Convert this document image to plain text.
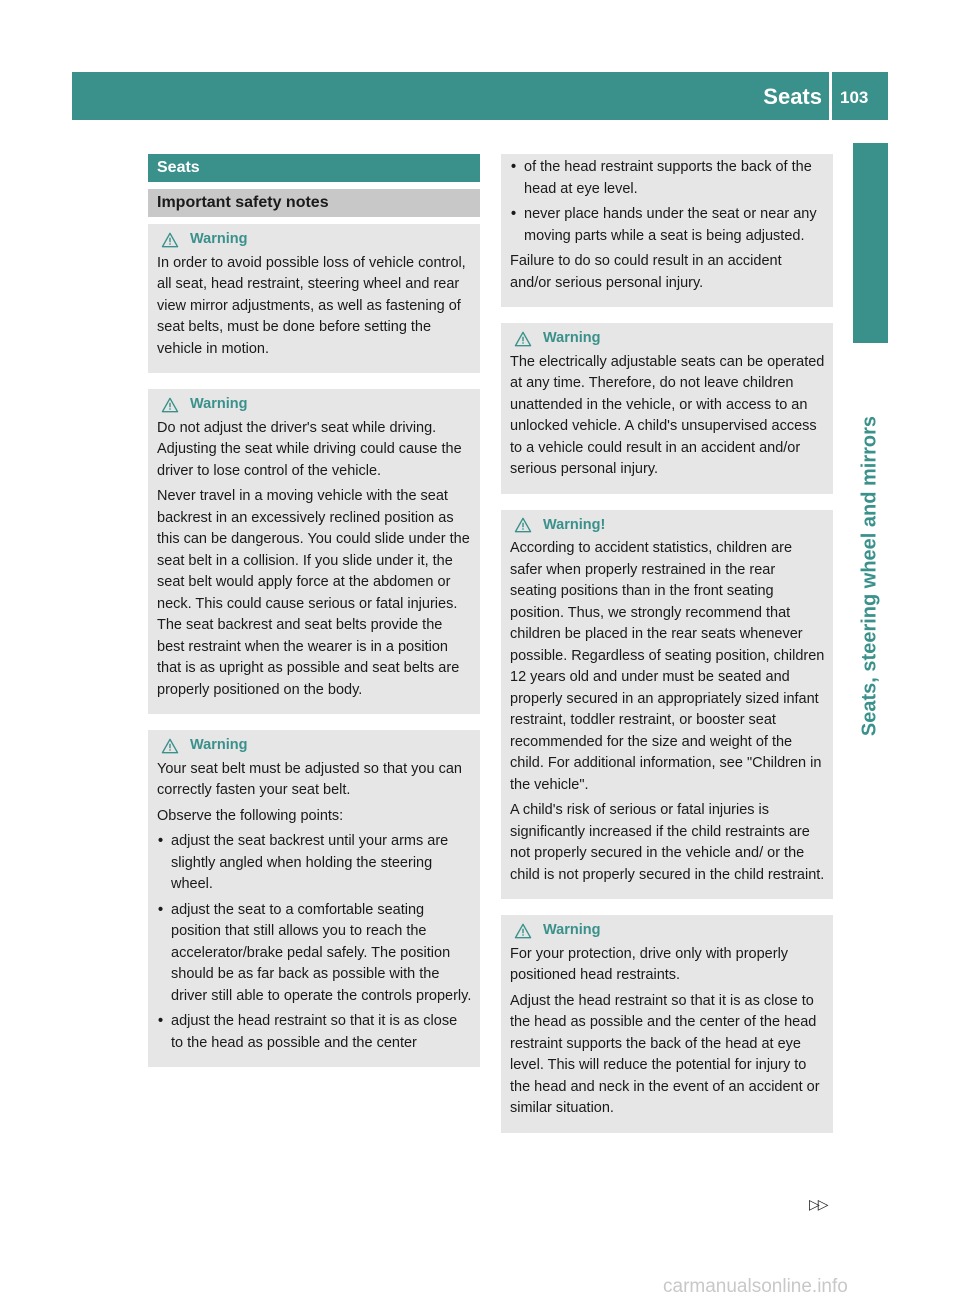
Seats 103
Seats, steering wheel and mirrors
Seats
Important safety notes
Warning

In order to avoid possible loss of vehicle control, all seat, head restraint, steering wheel and rear view mirror adjustments, as well as fastening of seat belts, must be done before setting the vehicle in motion.

Warning

Do not adjust the driver's seat while driving. Adjusting the seat while driving could cause the driver to lose control of the vehicle.

Never travel in a moving vehicle with the seat backrest in an excessively reclined position as this can be dangerous. You could slide under the seat belt in a collision. If you slide under it, the seat belt would apply force at the abdomen or neck. This could cause serious or fatal injuries. The seat backrest and seat belts provide the best restraint when the wearer is in a position that is as upright as possible and seat belts are properly positioned on the body.

Warning

Your seat belt must be adjusted so that you can correctly fasten your seat belt.

Observe the following points:

• adjust the seat backrest until your arms are slightly angled when holding the steering wheel.
• adjust the seat to a comfortable seating position that still allows you to reach the accelerator/brake pedal safely. The position should be as far back as possible with the driver still able to operate the controls properly.
• adjust the head restraint so that it is as close to the head as possible and the center
• of the head restraint supports the back of the head at eye level.
• never place hands under the seat or near any moving parts while a seat is being adjusted.

Failure to do so could result in an accident and/or serious personal injury.

Warning

The electrically adjustable seats can be operated at any time. Therefore, do not leave children unattended in the vehicle, or with access to an unlocked vehicle. A child's unsupervised access to a vehicle could result in an accident and/or serious personal injury.

Warning!

According to accident statistics, children are safer when properly restrained in the rear seating positions than in the front seating position. Thus, we strongly recommend that children be placed in the rear seats whenever possible. Regardless of seating position, children 12 years old and under must be seated and properly secured in an appropriately sized infant restraint, toddler restraint, or booster seat recommended for the size and weight of the child. For additional information, see "Children in the vehicle".

A child's risk of serious or fatal injuries is significantly increased if the child restraints are not properly secured in the vehicle and/ or the child is not properly secured in the child restraint.

Warning

For your protection, drive only with properly positioned head restraints.

Adjust the head restraint so that it is as close to the head as possible and the center of the head restraint supports the back of the head at eye level. This will reduce the potential for injury to the head and neck in the event of an accident or similar situation.

▷▷
carmanualsonline.info
